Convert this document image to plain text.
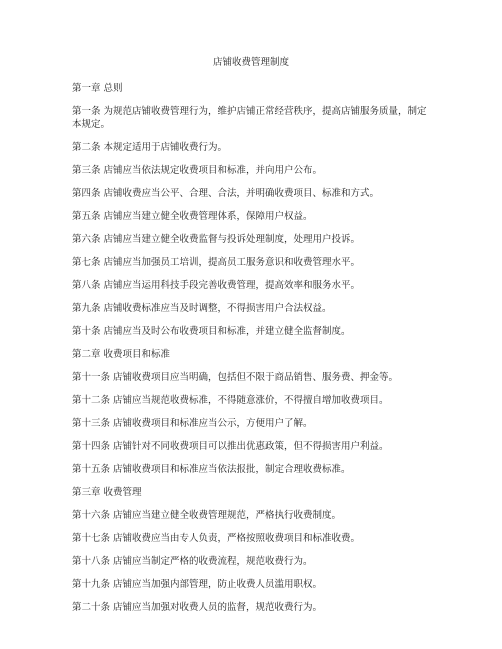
店铺收费管理制度

第一章 总则

第一条 为规范店铺收费管理行为，维护店铺正常经营秩序，提高店铺服务质量，制定本规定。

第二条 本规定适用于店铺收费行为。

第三条 店铺应当依法规定收费项目和标准，并向用户公布。

第四条 店铺收费应当公平、合理、合法，并明确收费项目、标准和方式。

第五条 店铺应当建立健全收费管理体系，保障用户权益。

第六条 店铺应当建立健全收费监督与投诉处理制度，处理用户投诉。

第七条 店铺应当加强员工培训，提高员工服务意识和收费管理水平。

第八条 店铺应当运用科技手段完善收费管理，提高效率和服务水平。

第九条 店铺收费标准应当及时调整，不得损害用户合法权益。

第十条 店铺应当及时公布收费项目和标准，并建立健全监督制度。

第二章 收费项目和标准

第十一条 店铺收费项目应当明确，包括但不限于商品销售、服务费、押金等。

第十二条 店铺应当规范收费标准，不得随意涨价，不得擅自增加收费项目。

第十三条 店铺收费项目和标准应当公示，方便用户了解。

第十四条 店铺针对不同收费项目可以推出优惠政策，但不得损害用户利益。

第十五条 店铺收费项目和标准应当依法报批，制定合理收费标准。

第三章 收费管理

第十六条 店铺应当建立健全收费管理规范，严格执行收费制度。

第十七条 店铺收费应当由专人负责，严格按照收费项目和标准收费。

第十八条 店铺应当制定严格的收费流程，规范收费行为。

第十九条 店铺应当加强内部管理，防止收费人员滥用职权。

第二十条 店铺应当加强对收费人员的监督，规范收费行为。
